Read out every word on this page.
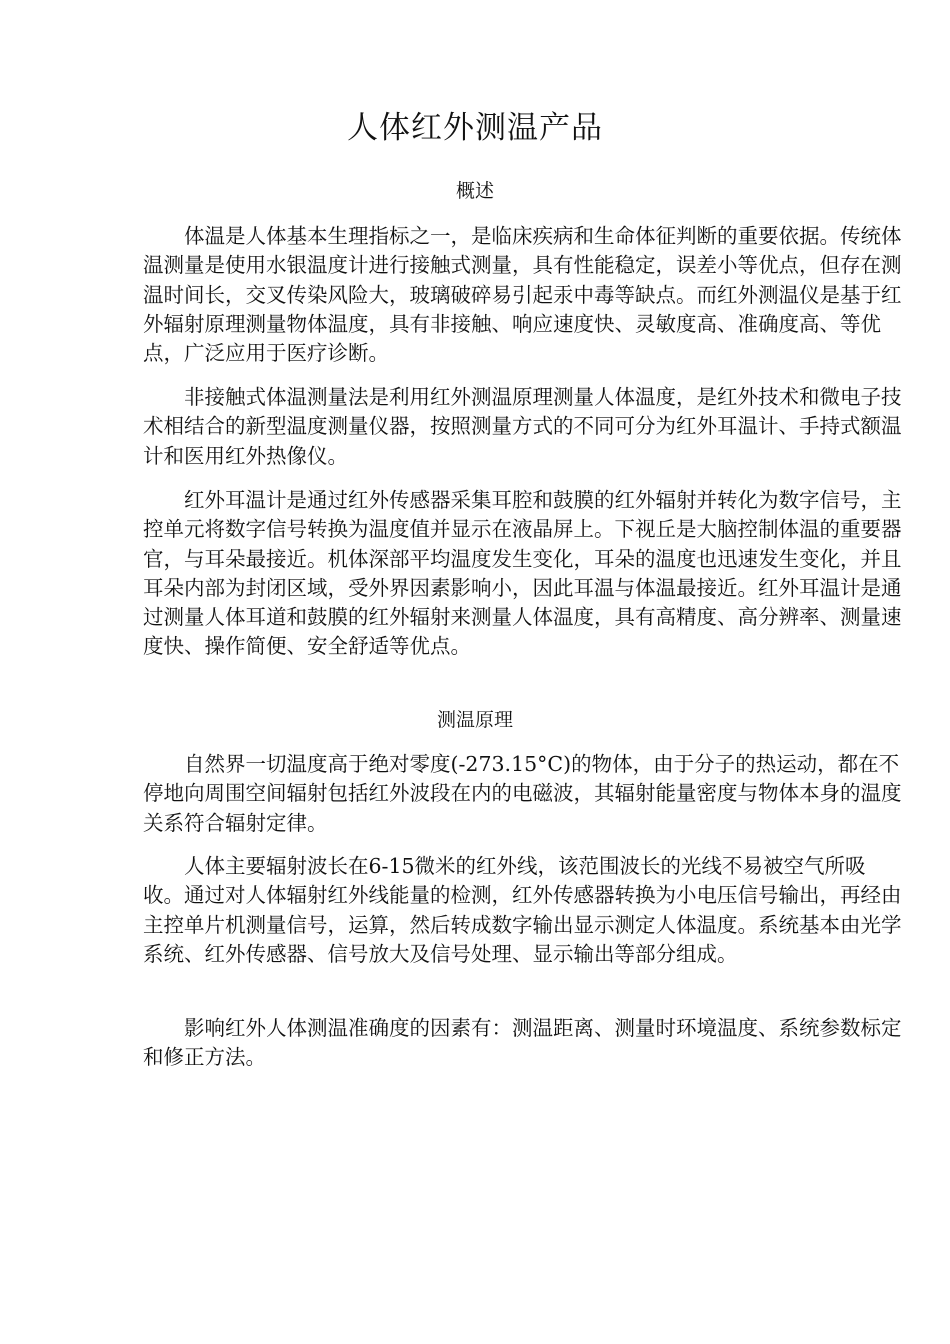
人体红外测温产品
概述

体温是人体基本生理指标之一，是临床疾病和生命体征判断的重要依据。传统体温测量是使用水银温度计进行接触式测量，具有性能稳定，误差小等优点，但存在测温时间长，交叉传染风险大，玻璃破碎易引起汞中毒等缺点。而红外测温仪是基于红外辐射原理测量物体温度，具有非接触、响应速度快、灵敏度高、准确度高、等优点，广泛应用于医疗诊断。

非接触式体温测量法是利用红外测温原理测量人体温度，是红外技术和微电子技术相结合的新型温度测量仪器，按照测量方式的不同可分为红外耳温计、手持式额温计和医用红外热像仪。

红外耳温计是通过红外传感器采集耳腔和鼓膜的红外辐射并转化为数字信号，主控单元将数字信号转换为温度值并显示在液晶屏上。下视丘是大脑控制体温的重要器官，与耳朵最接近。机体深部平均温度发生变化，耳朵的温度也迅速发生变化，并且耳朵内部为封闭区域，受外界因素影响小，因此耳温与体温最接近。红外耳温计是通过测量人体耳道和鼓膜的红外辐射来测量人体温度，具有高精度、高分辨率、测量速度快、操作简便、安全舒适等优点。

测温原理

自然界一切温度高于绝对零度(-273.15°C)的物体，由于分子的热运动，都在不停地向周围空间辐射包括红外波段在内的电磁波，其辐射能量密度与物体本身的温度关系符合辐射定律。

人体主要辐射波长在6-15微米的红外线，该范围波长的光线不易被空气所吸收。通过对人体辐射红外线能量的检测，红外传感器转换为小电压信号输出，再经由主控单片机测量信号，运算，然后转成数字输出显示测定人体温度。系统基本由光学系统、红外传感器、信号放大及信号处理、显示输出等部分组成。

影响红外人体测温准确度的因素有：测温距离、测量时环境温度、系统参数标定和修正方法。
